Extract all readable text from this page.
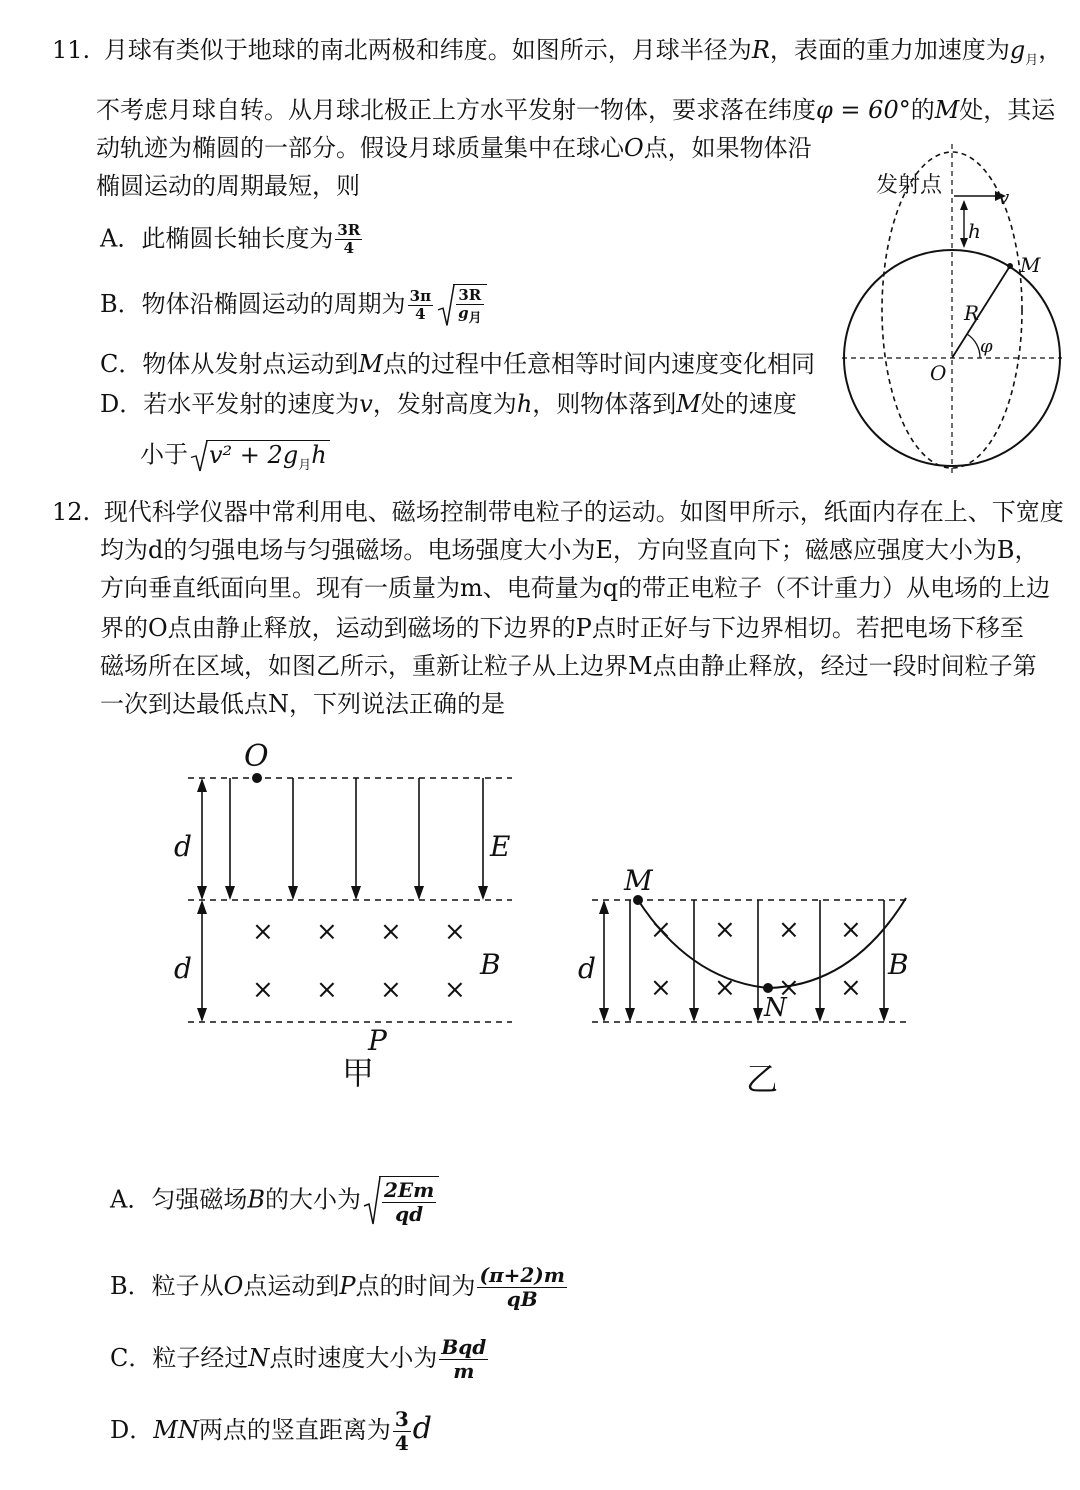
11. 月球有类似于地球的南北两极和纬度。如图所示，月球半径为R，表面的重力加速度为$g_月$，
不考虑月球自转。从月球北极正上方水平发射一物体，要求落在纬度φ = 60°的M处，其运
动轨迹为椭圆的一部分。假设月球质量集中在球心O点，如果物体沿
椭圆运动的周期最短，则
A．此椭圆长轴长度为 $\frac{3R}{4}$
B．物体沿椭圆运动的周期为 $\frac{3\pi}{4} \frac{3R}{g_月}$
C．物体从发射点运动到M点的过程中任意相等时间内速度变化相同
D．若水平发射的速度为v，发射高度为h，则物体落到M处的速度
小于 $v^2 + 2g_月h$
发射点	v
h
M
R
φ
O
12. 现代科学仪器中常利用电、磁场控制带电粒子的运动。如图甲所示，纸面内存在上、下宽度
均为d的匀强电场与匀强磁场。电场强度大小为E，方向竖直向下；磁感应强度大小为B，
方向垂直纸面向里。现有一质量为m、电荷量为q的带正电粒子（不计重力）从电场的上边
界的O点由静止释放，运动到磁场的下边界的P点时正好与下边界相切。若把电场下移至
磁场所在区域，如图乙所示，重新让粒子从上边界M点由静止释放，经过一段时间粒子第
一次到达最低点N，下列说法正确的是
× × × ×
× × × ×
O
d	E
d	B
P
甲
× × × ×
× × × ×
M
d
N
B
乙
A．匀强磁场B的大小为 $\frac{2Em}{qd}$
B．粒子从O点运动到P点的时间为 $\frac{(\pi+2)m}{qB}$
C．粒子经过N点时速度大小为 $\frac{\text{Bqd}}{m}$
D．MN两点的竖直距离为 $\frac{3}{4}$ d
